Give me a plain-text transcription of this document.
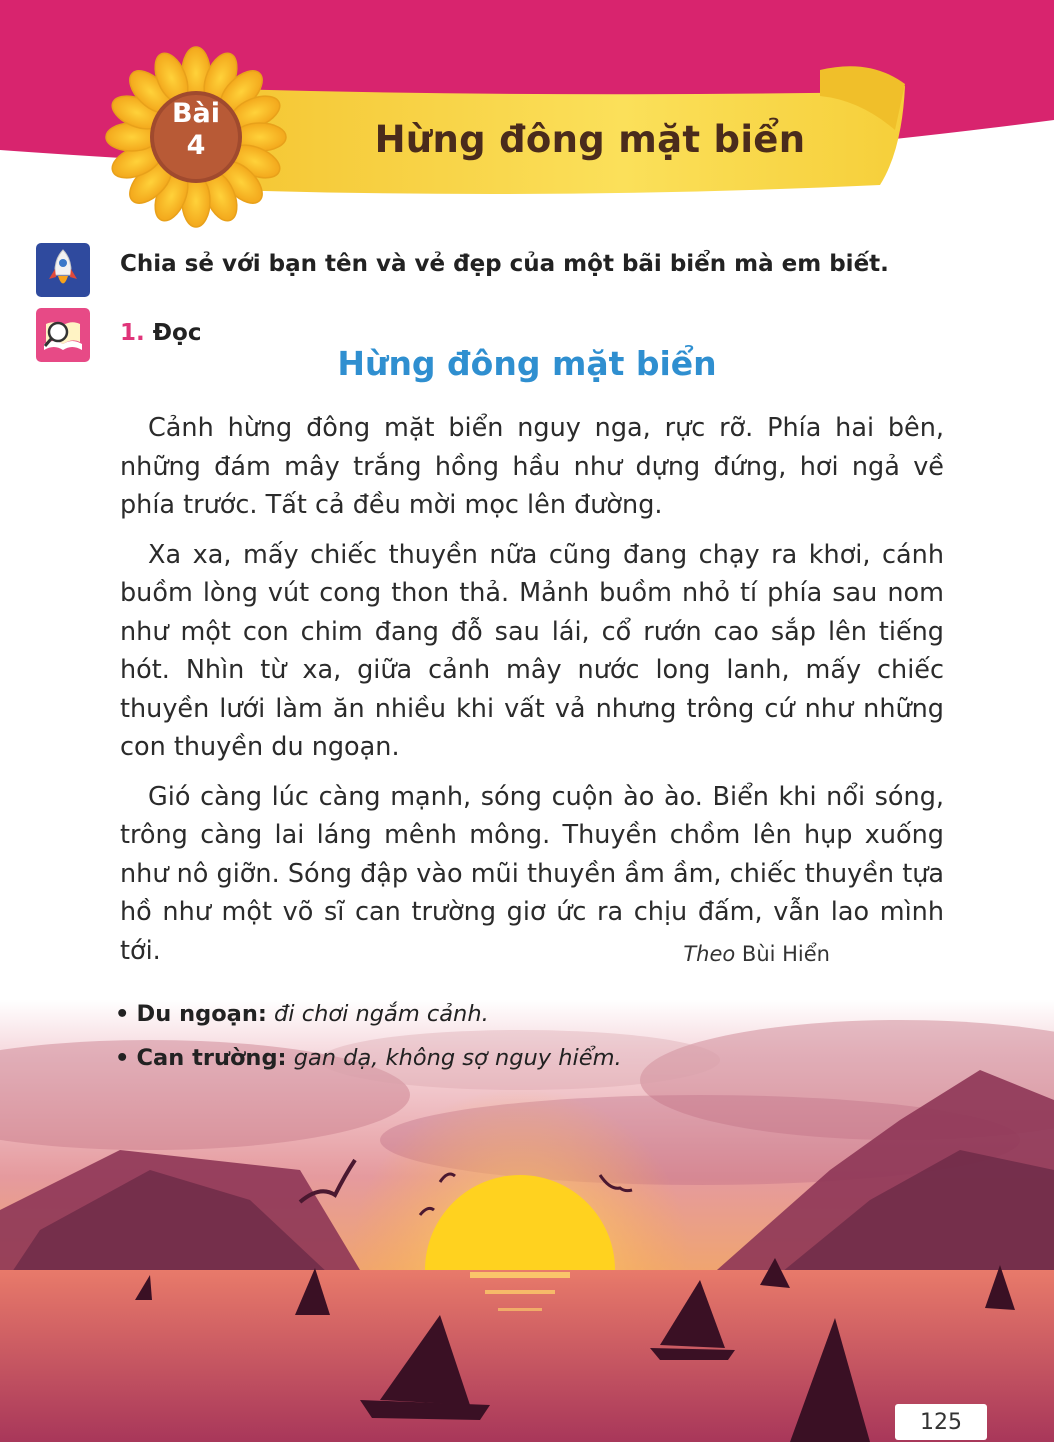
Bài
4	Hừng đông mặt biển
Chia sẻ với bạn tên và vẻ đẹp của một bãi biển mà em biết.
1. Đọc
Hừng đông mặt biển

Cảnh hừng đông mặt biển nguy nga, rực rỡ. Phía hai bên, những đám mây trắng hồng hầu như dựng đứng, hơi ngả về phía trước. Tất cả đều mời mọc lên đường.

Xa xa, mấy chiếc thuyền nữa cũng đang chạy ra khơi, cánh buồm lòng vút cong thon thả. Mảnh buồm nhỏ tí phía sau nom như một con chim đang đỗ sau lái, cổ rướn cao sắp lên tiếng hót. Nhìn từ xa, giữa cảnh mây nước long lanh, mấy chiếc thuyền lưới làm ăn nhiều khi vất vả nhưng trông cứ như những con thuyền du ngoạn.

Gió càng lúc càng mạnh, sóng cuộn ào ào. Biển khi nổi sóng, trông càng lai láng mênh mông. Thuyền chồm lên hụp xuống như nô giỡn. Sóng đập vào mũi thuyền ầm ầm, chiếc thuyền tựa hồ như một võ sĩ can trường giơ ức ra chịu đấm, vẫn lao mình tới.	Theo Bùi Hiển
• Du ngoạn: đi chơi ngắm cảnh.
• Can trường: gan dạ, không sợ nguy hiểm.
125
